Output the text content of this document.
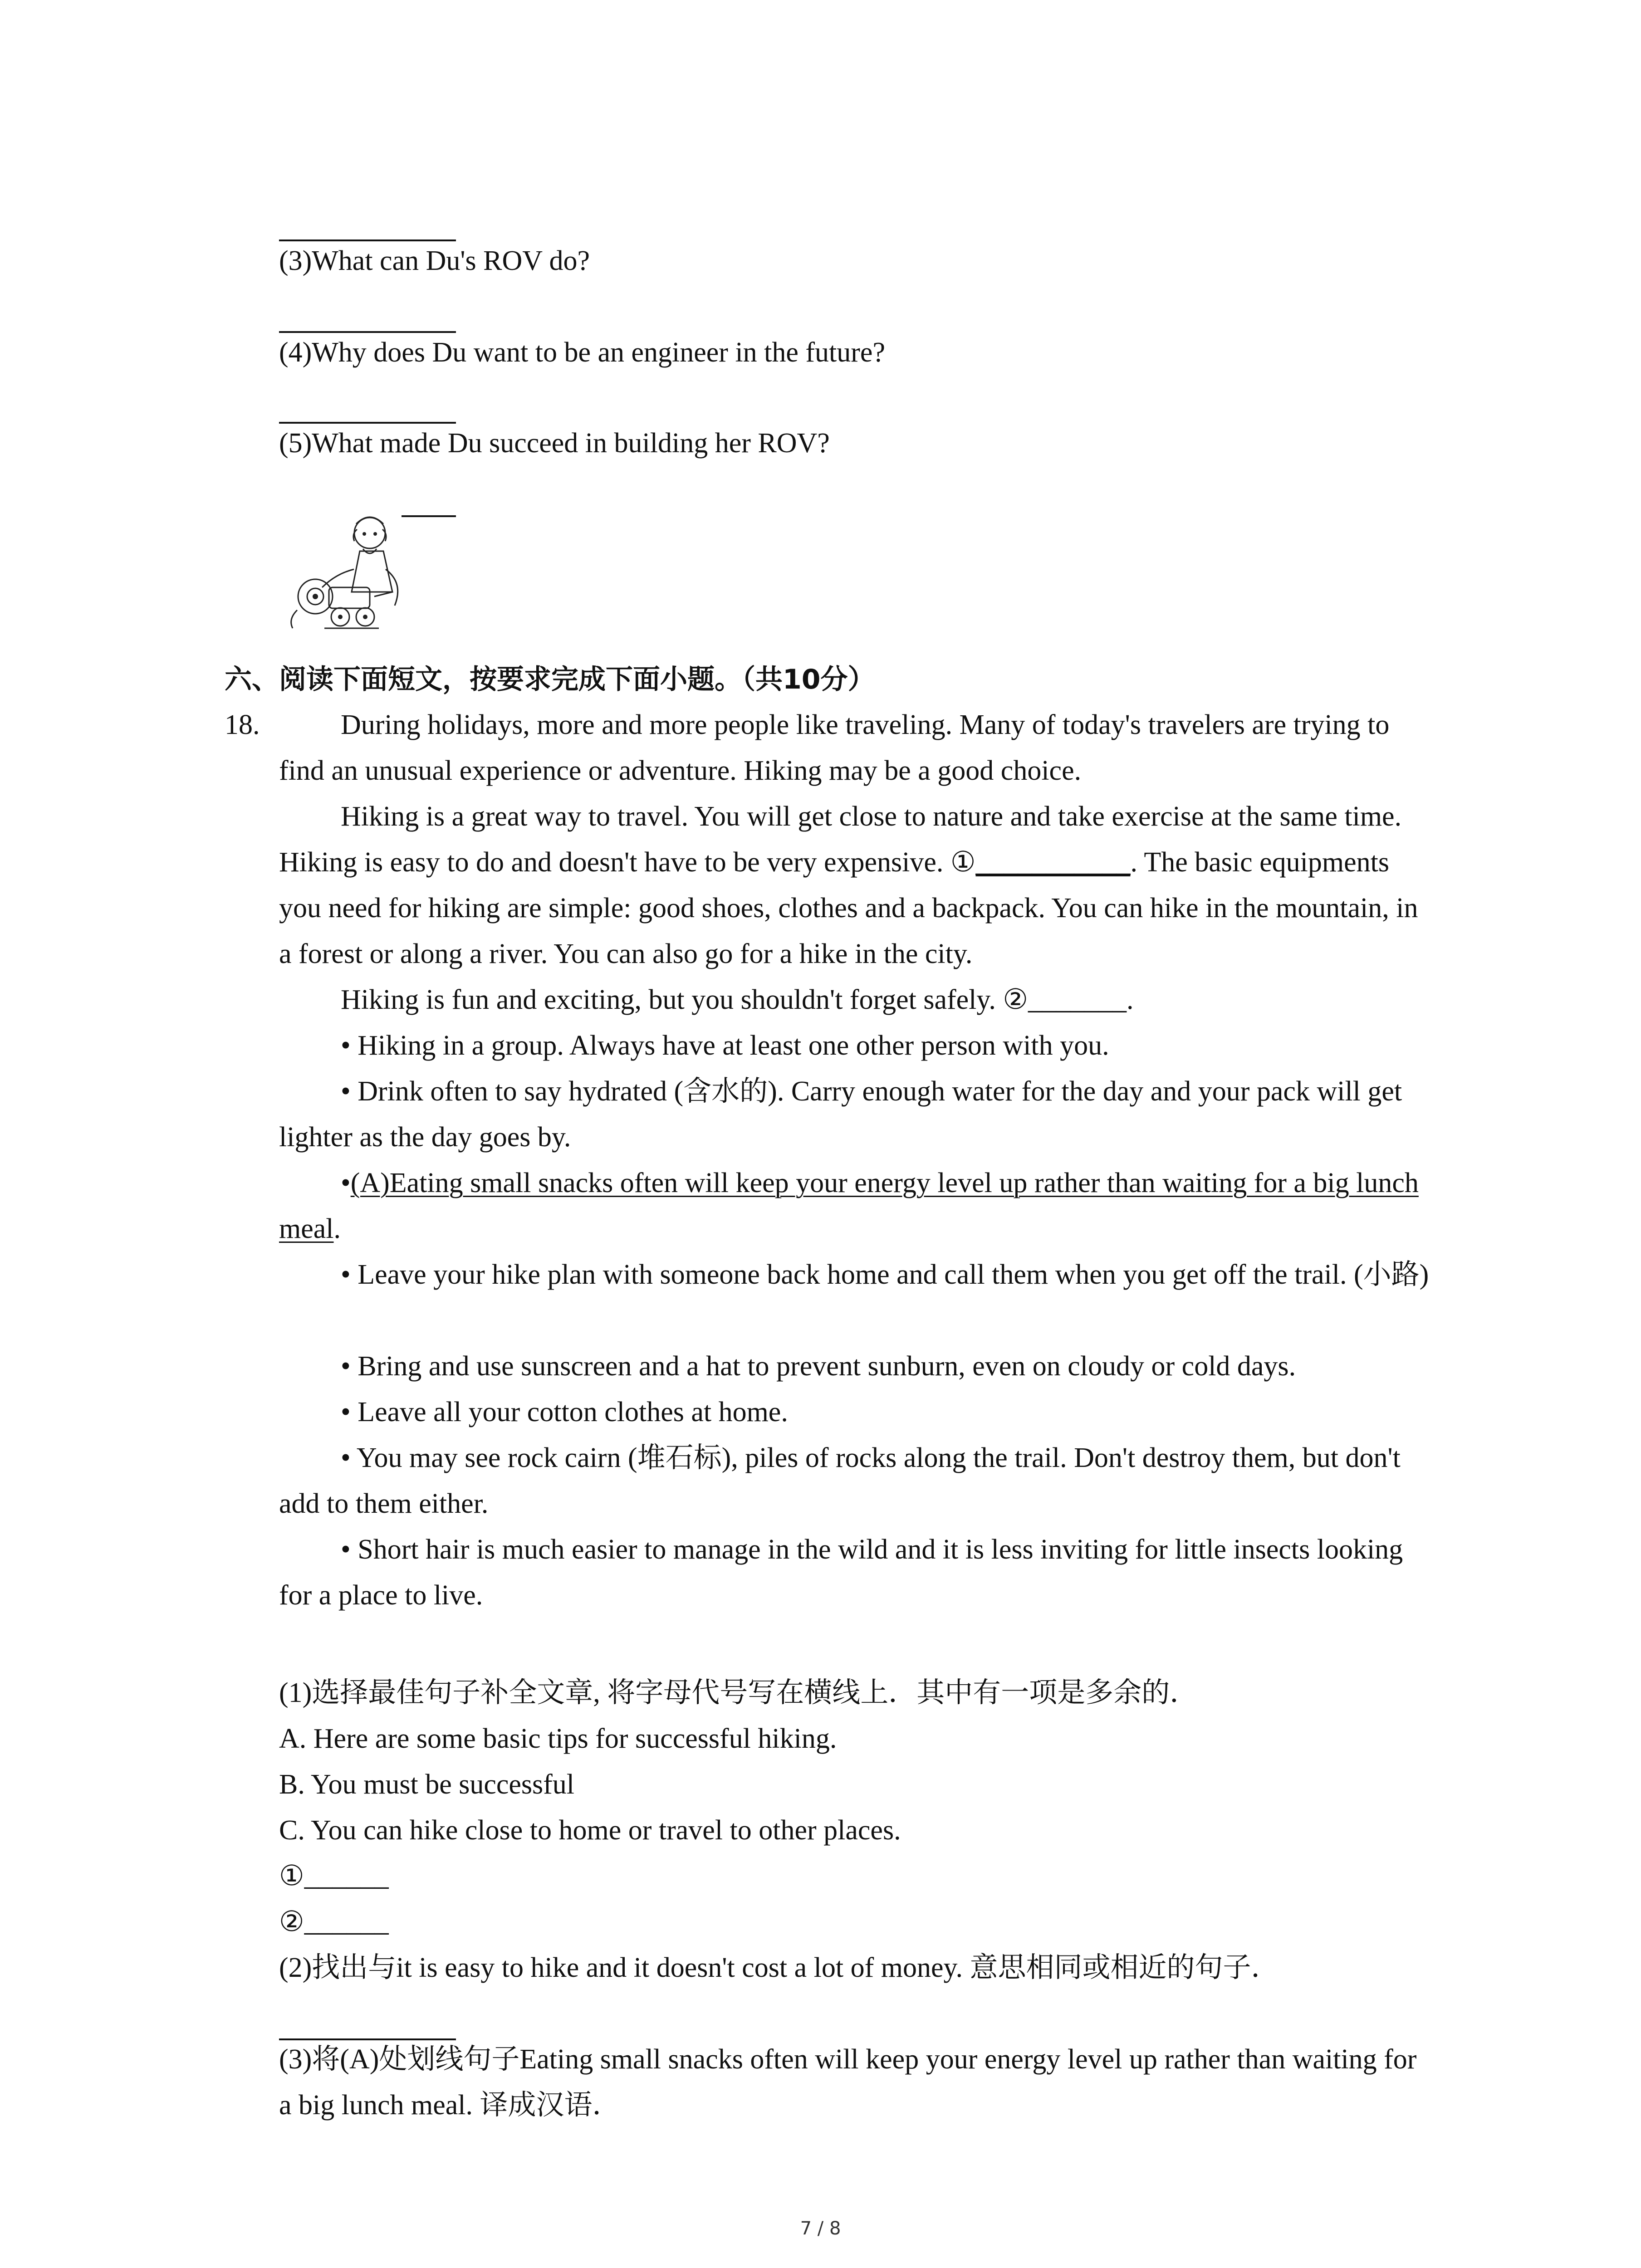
(3)What can Du's ROV do?
(4)Why does Du want to be an engineer in the future?
(5)What made Du succeed in building her ROV?
六、阅读下面短文，按要求完成下面小题。（共10分）
18.	During holidays, more and more people like traveling. Many of today's travelers are trying to find an unusual experience or adventure. Hiking may be a good choice.
Hiking is a great way to travel. You will get close to nature and take exercise at the same time. Hiking is easy to do and doesn't have to be very expensive. ①___________. The basic equipments you need for hiking are simple: good shoes, clothes and a backpack. You can hike in the mountain, in a forest or along a river. You can also go for a hike in the city.
Hiking is fun and exciting, but you shouldn't forget safely. ②_______.
• Hiking in a group. Always have at least one other person with you.
• Drink often to say hydrated (含水的). Carry enough water for the day and your pack will get lighter as the day goes by.
•(A)Eating small snacks often will keep your energy level up rather than waiting for a big lunch meal.
• Leave your hike plan with someone back home and call them when you get off the trail. (小路)
• Bring and use sunscreen and a hat to prevent sunburn, even on cloudy or cold days.
• Leave all your cotton clothes at home.
• You may see rock cairn (堆石标), piles of rocks along the trail. Don't destroy them, but don't add to them either.
• Short hair is much easier to manage in the wild and it is less inviting for little insects looking for a place to live.
(1)选择最佳句子补全文章, 将字母代号写在横线上．其中有一项是多余的．
A. Here are some basic tips for successful hiking.
B. You must be successful
C. You can hike close to home or travel to other places.
①______
②______
(2)找出与it is easy to hike and it doesn't cost a lot of money. 意思相同或相近的句子．
(3)将(A)处划线句子Eating small snacks often will keep your energy level up rather than waiting for a big lunch meal. 译成汉语．
7 / 8
